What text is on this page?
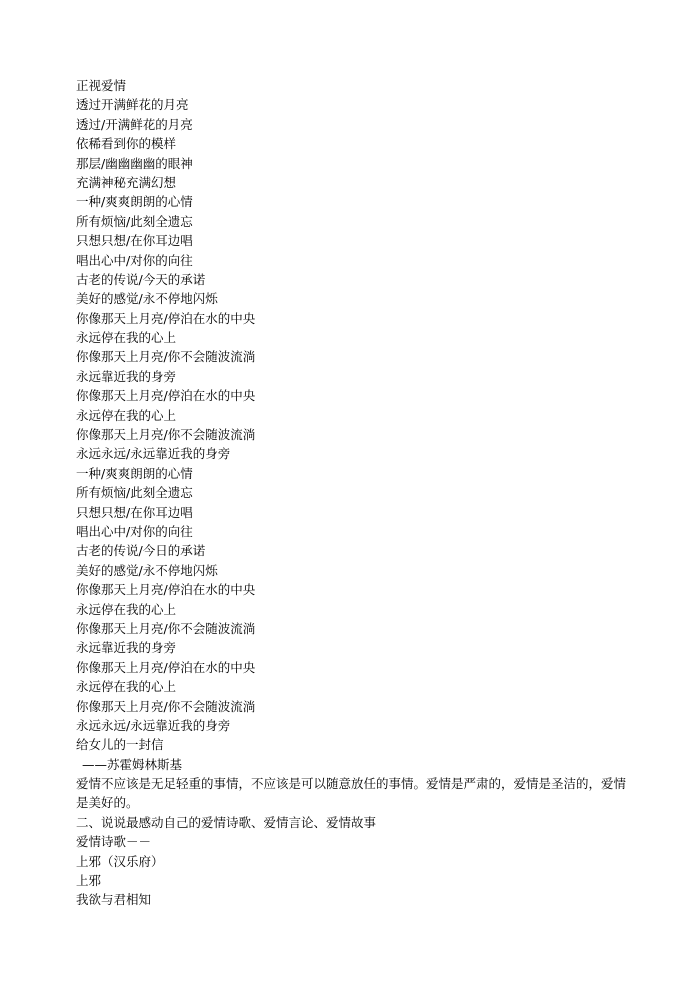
正视爱情
透过开满鲜花的月亮
透过/开满鲜花的月亮
依稀看到你的模样
那层/幽幽幽幽的眼神
充满神秘充满幻想
一种/爽爽朗朗的心情
所有烦恼/此刻全遗忘
只想只想/在你耳边唱
唱出心中/对你的向往
古老的传说/今天的承诺
美好的感觉/永不停地闪烁
你像那天上月亮/停泊在水的中央
永远停在我的心上
你像那天上月亮/你不会随波流淌
永远靠近我的身旁
你像那天上月亮/停泊在水的中央
永远停在我的心上
你像那天上月亮/你不会随波流淌
永远永远/永远靠近我的身旁
一种/爽爽朗朗的心情
所有烦恼/此刻全遗忘
只想只想/在你耳边唱
唱出心中/对你的向往
古老的传说/今日的承诺
美好的感觉/永不停地闪烁
你像那天上月亮/停泊在水的中央
永远停在我的心上
你像那天上月亮/你不会随波流淌
永远靠近我的身旁
你像那天上月亮/停泊在水的中央
永远停在我的心上
你像那天上月亮/你不会随波流淌
永远永远/永远靠近我的身旁
给女儿的一封信
——苏霍姆林斯基
爱情不应该是无足轻重的事情，不应该是可以随意放任的事情。爱情是严肃的，爱情是圣洁的，爱情是美好的。
二、说说最感动自己的爱情诗歌、爱情言论、爱情故事
爱情诗歌－－
上邪（汉乐府）
上邪
我欲与君相知
